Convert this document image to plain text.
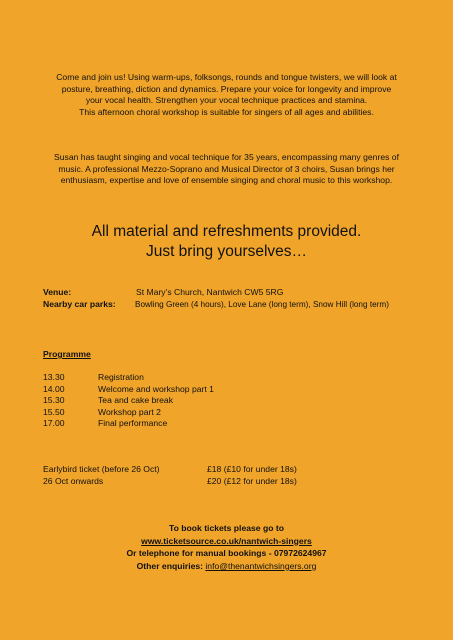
Come and join us! Using warm-ups, folksongs, rounds and tongue twisters, we will look at

posture, breathing, diction and dynamics. Prepare your voice for longevity and improve

your vocal health. Strengthen your vocal technique practices and stamina.

This afternoon choral workshop is suitable for singers of all ages and abilities.

Susan has taught singing and vocal technique for 35 years, encompassing many genres of

music. A professional Mezzo-Soprano and Musical Director of 3 choirs, Susan brings her

enthusiasm, expertise and love of ensemble singing and choral music to this workshop.

All material and refreshments provided.

Just bring yourselves…

Venue:	St Mary’s Church, Nantwich CW5 5RG
Nearby car parks: Bowling Green (4 hours), Love Lane (long term), Snow Hill (long term)
Programme
13.30	Registration
14.00	Welcome and workshop part 1
15.30	Tea and cake break
15.50	Workshop part 2
17.00	Final performance
Earlybird ticket (before 26 Oct)	£18 (£10 for under 18s)
26 Oct onwards	£20 (£12 for under 18s)

To book tickets please go to

www.ticketsource.co.uk/nantwich-singers

Or telephone for manual bookings - 07972624967

Other enquiries: info@thenantwichsingers.org
